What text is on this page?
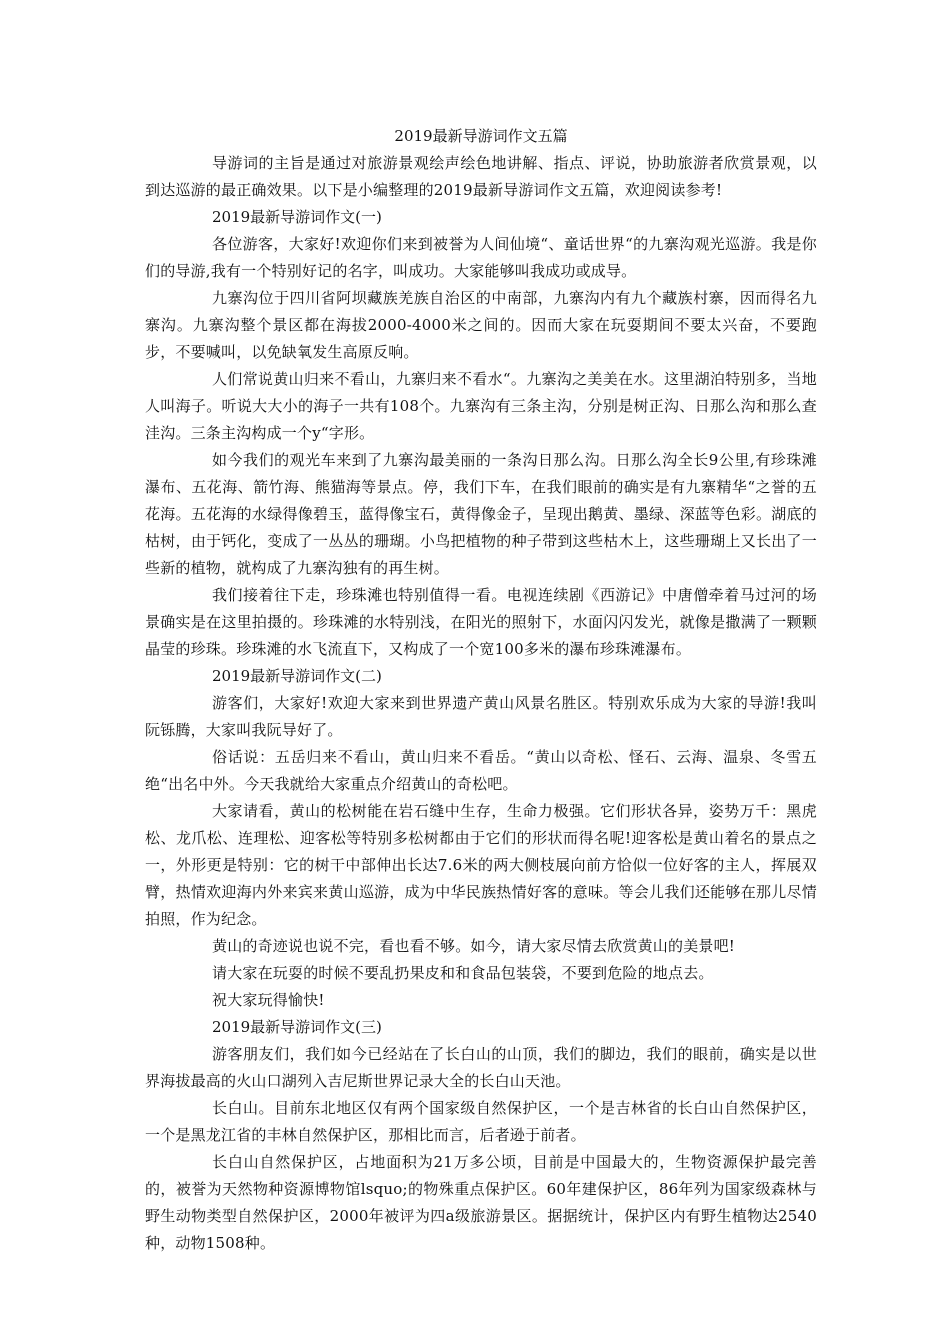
2019最新导游词作文五篇

导游词的主旨是通过对旅游景观绘声绘色地讲解、指点、评说，协助旅游者欣赏景观，以到达巡游的最正确效果。以下是小编整理的2019最新导游词作文五篇，欢迎阅读参考!

2019最新导游词作文(一)

各位游客，大家好!欢迎你们来到被誉为人间仙境“、童话世界“的九寨沟观光巡游。我是你们的导游,我有一个特别好记的名字，叫成功。大家能够叫我成功或成导。

九寨沟位于四川省阿坝藏族羌族自治区的中南部，九寨沟内有九个藏族村寨，因而得名九寨沟。九寨沟整个景区都在海拔2000-4000米之间的。因而大家在玩耍期间不要太兴奋，不要跑步，不要喊叫，以免缺氧发生高原反响。

人们常说黄山归来不看山，九寨归来不看水“。九寨沟之美美在水。这里湖泊特别多，当地人叫海子。听说大大小的海子一共有108个。九寨沟有三条主沟，分别是树正沟、日那么沟和那么查洼沟。三条主沟构成一个y“字形。

如今我们的观光车来到了九寨沟最美丽的一条沟日那么沟。日那么沟全长9公里,有珍珠滩瀑布、五花海、箭竹海、熊猫海等景点。停，我们下车，在我们眼前的确实是有九寨精华“之誉的五花海。五花海的水绿得像碧玉，蓝得像宝石，黄得像金子，呈现出鹅黄、墨绿、深蓝等色彩。湖底的枯树，由于钙化，变成了一丛丛的珊瑚。小鸟把植物的种子带到这些枯木上，这些珊瑚上又长出了一些新的植物，就构成了九寨沟独有的再生树。

我们接着往下走，珍珠滩也特别值得一看。电视连续剧《西游记》中唐僧牵着马过河的场景确实是在这里拍摄的。珍珠滩的水特别浅，在阳光的照射下，水面闪闪发光，就像是撒满了一颗颗晶莹的珍珠。珍珠滩的水飞流直下，又构成了一个宽100多米的瀑布珍珠滩瀑布。

2019最新导游词作文(二)

游客们，大家好!欢迎大家来到世界遗产黄山风景名胜区。特别欢乐成为大家的导游!我叫阮铄腾，大家叫我阮导好了。

俗话说：五岳归来不看山，黄山归来不看岳。“黄山以奇松、怪石、云海、温泉、冬雪五绝“出名中外。今天我就给大家重点介绍黄山的奇松吧。

大家请看，黄山的松树能在岩石缝中生存，生命力极强。它们形状各异，姿势万千：黑虎松、龙爪松、连理松、迎客松等特别多松树都由于它们的形状而得名呢!迎客松是黄山着名的景点之一，外形更是特别：它的树干中部伸出长达7.6米的两大侧枝展向前方恰似一位好客的主人，挥展双臂，热情欢迎海内外来宾来黄山巡游，成为中华民族热情好客的意味。等会儿我们还能够在那儿尽情拍照，作为纪念。

黄山的奇迹说也说不完，看也看不够。如今，请大家尽情去欣赏黄山的美景吧!

请大家在玩耍的时候不要乱扔果皮和和食品包装袋，不要到危险的地点去。

祝大家玩得愉快!

2019最新导游词作文(三)

游客朋友们，我们如今已经站在了长白山的山顶，我们的脚边，我们的眼前，确实是以世界海拔最高的火山口湖列入吉尼斯世界记录大全的长白山天池。

长白山。目前东北地区仅有两个国家级自然保护区，一个是吉林省的长白山自然保护区，一个是黑龙江省的丰林自然保护区，那相比而言，后者逊于前者。

长白山自然保护区，占地面积为21万多公顷，目前是中国最大的，生物资源保护最完善的，被誉为天然物种资源博物馆lsquo;的物殊重点保护区。60年建保护区，86年列为国家级森林与野生动物类型自然保护区，2000年被评为四a级旅游景区。据据统计，保护区内有野生植物达2540种，动物1508种。
